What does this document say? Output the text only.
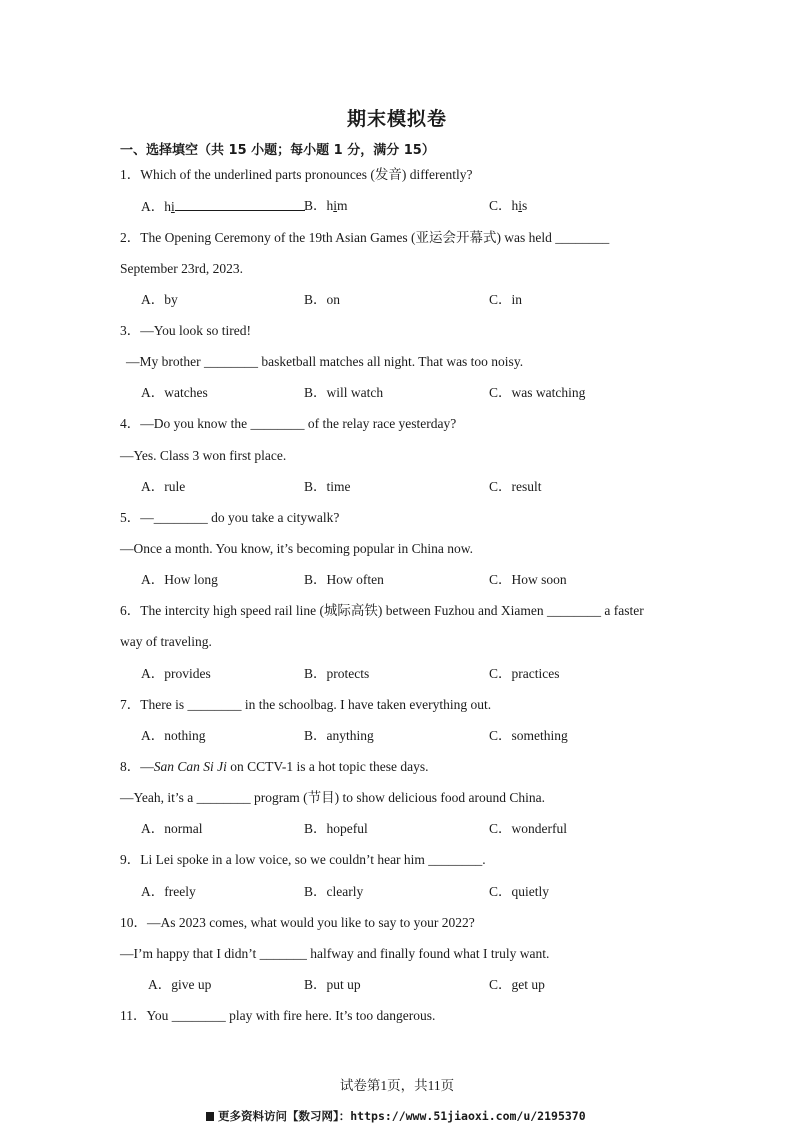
期末模拟卷
一、选择填空（共 15 小题；每小题 1 分，满分 15）
1．Which of the underlined parts pronounces (发音) differently?
A．hi	B．him	C．his
2．The Opening Ceremony of the 19th Asian Games (亚运会开幕式) was held ________
September 23rd, 2023.
A．by	B．on	C．in
3．—You look so tired!
—My brother ________ basketball matches all night. That was too noisy.
A．watches	B．will watch	C．was watching
4．—Do you know the ________ of the relay race yesterday?
—Yes. Class 3 won first place.
A．rule	B．time	C．result
5．—________ do you take a citywalk?
—Once a month. You know, it’s becoming popular in China now.
A．How long	B．How often	C．How soon
6．The intercity high speed rail line (城际高铁) between Fuzhou and Xiamen ________ a faster
way of traveling.
A．provides	B．protects	C．practices
7．There is ________ in the schoolbag. I have taken everything out.
A．nothing	B．anything	C．something
8．—San Can Si Ji on CCTV-1 is a hot topic these days.
—Yeah, it’s a ________ program (节目) to show delicious food around China.
A．normal	B．hopeful	C．wonderful
9．Li Lei spoke in a low voice, so we couldn’t hear him ________.
A．freely	B．clearly	C．quietly
10．—As 2023 comes, what would you like to say to your 2022?
—I’m happy that I didn’t _______ halfway and finally found what I truly want.
A．give up	B．put up	C．get up
11．You ________ play with fire here. It’s too dangerous.
试卷第1页，共11页
更多资料访问【数习网】：https://www.51jiaoxi.com/u/2195370
